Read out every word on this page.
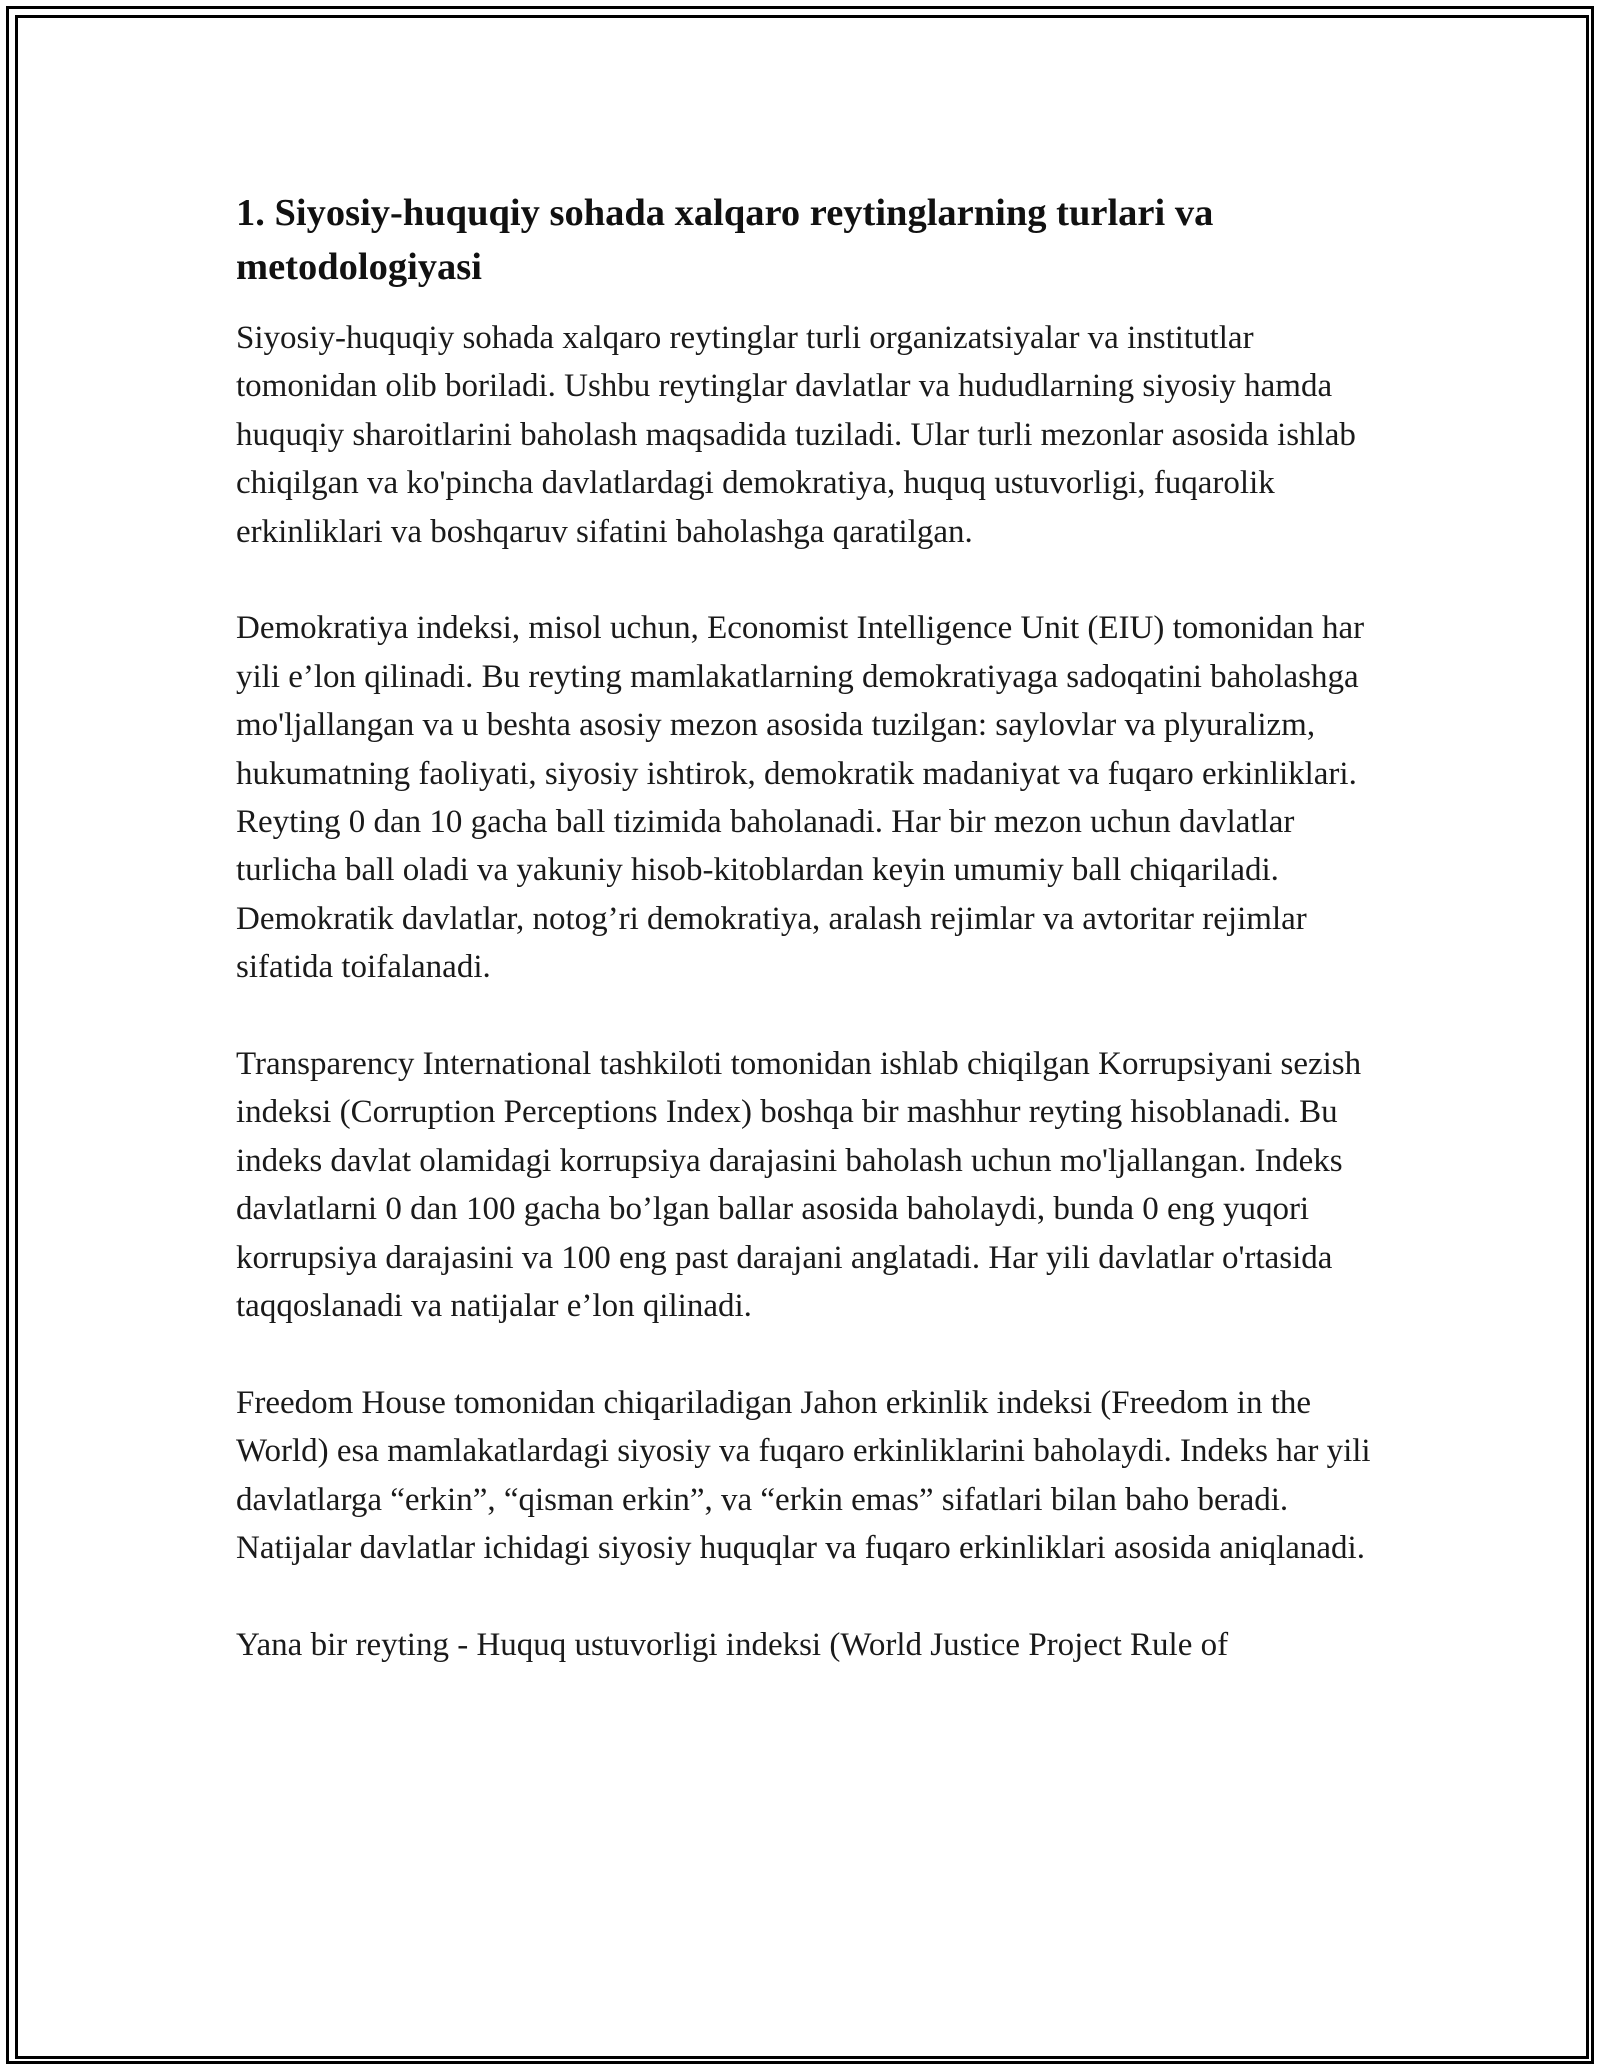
1. Siyosiy-huquqiy sohada xalqaro reytinglarning turlari va metodologiyasi

Siyosiy-huquqiy sohada xalqaro reytinglar turli organizatsiyalar va institutlar tomonidan olib boriladi. Ushbu reytinglar davlatlar va hududlarning siyosiy hamda huquqiy sharoitlarini baholash maqsadida tuziladi. Ular turli mezonlar asosida ishlab chiqilgan va ko'pincha davlatlardagi demokratiya, huquq ustuvorligi, fuqarolik erkinliklari va boshqaruv sifatini baholashga qaratilgan.

Demokratiya indeksi, misol uchun, Economist Intelligence Unit (EIU) tomonidan har yili e’lon qilinadi. Bu reyting mamlakatlarning demokratiyaga sadoqatini baholashga mo'ljallangan va u beshta asosiy mezon asosida tuzilgan: saylovlar va plyuralizm, hukumatning faoliyati, siyosiy ishtirok, demokratik madaniyat va fuqaro erkinliklari. Reyting 0 dan 10 gacha ball tizimida baholanadi. Har bir mezon uchun davlatlar turlicha ball oladi va yakuniy hisob-kitoblardan keyin umumiy ball chiqariladi. Demokratik davlatlar, notog’ri demokratiya, aralash rejimlar va avtoritar rejimlar sifatida toifalanadi.

Transparency International tashkiloti tomonidan ishlab chiqilgan Korrupsiyani sezish indeksi (Corruption Perceptions Index) boshqa bir mashhur reyting hisoblanadi. Bu indeks davlat olamidagi korrupsiya darajasini baholash uchun mo'ljallangan. Indeks davlatlarni 0 dan 100 gacha bo’lgan ballar asosida baholaydi, bunda 0 eng yuqori korrupsiya darajasini va 100 eng past darajani anglatadi. Har yili davlatlar o'rtasida taqqoslanadi va natijalar e’lon qilinadi.

Freedom House tomonidan chiqariladigan Jahon erkinlik indeksi (Freedom in the World) esa mamlakatlardagi siyosiy va fuqaro erkinliklarini baholaydi. Indeks har yili davlatlarga “erkin”, “qisman erkin”, va “erkin emas” sifatlari bilan baho beradi. Natijalar davlatlar ichidagi siyosiy huquqlar va fuqaro erkinliklari asosida aniqlanadi.

Yana bir reyting - Huquq ustuvorligi indeksi (World Justice Project Rule of
